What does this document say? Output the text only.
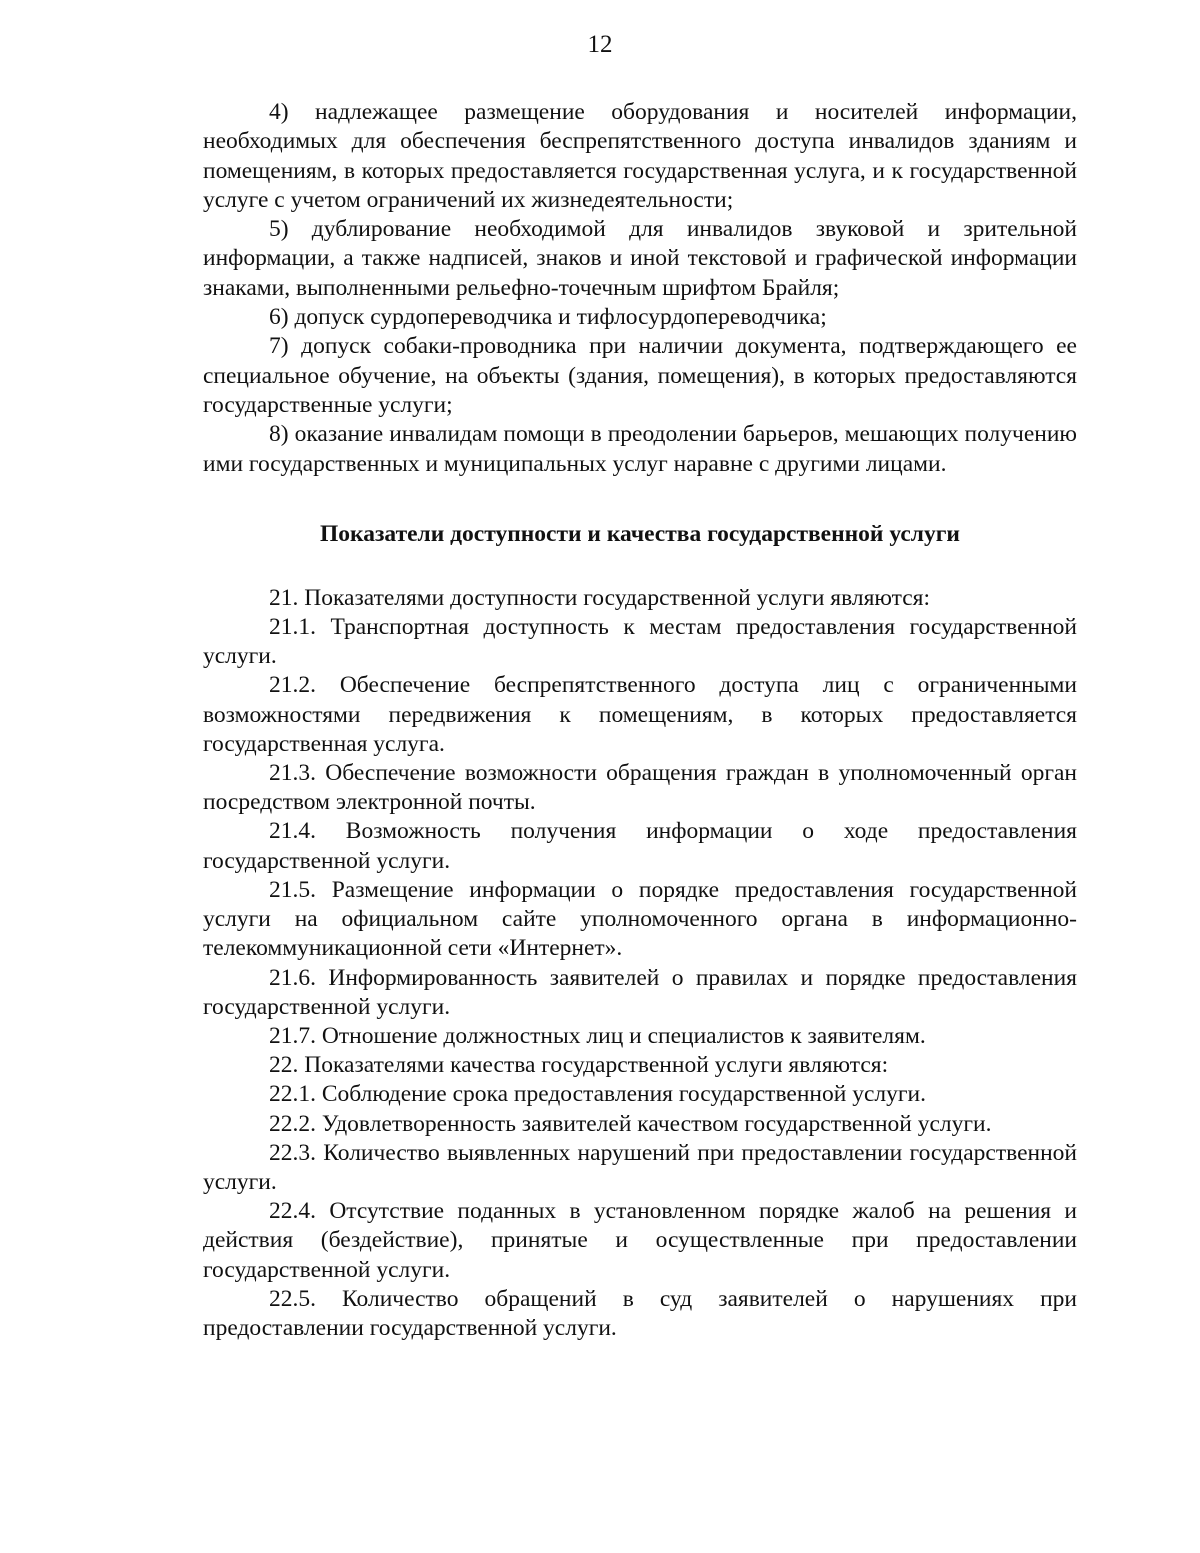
12

4) надлежащее размещение оборудования и носителей информации, необходимых для обеспечения беспрепятственного доступа инвалидов зданиям и помещениям, в которых предоставляется государственная услуга, и к государственной услуге с учетом ограничений их жизнедеятельности;

5) дублирование необходимой для инвалидов звуковой и зрительной информации, а также надписей, знаков и иной текстовой и графической информации знаками, выполненными рельефно-точечным шрифтом Брайля;

6) допуск сурдопереводчика и тифлосурдопереводчика;

7) допуск собаки-проводника при наличии документа, подтверждающего ее специальное обучение, на объекты (здания, помещения), в которых предоставляются государственные услуги;

8) оказание инвалидам помощи в преодолении барьеров, мешающих получению ими государственных и муниципальных услуг наравне с другими лицами.

Показатели доступности и качества государственной услуги

21. Показателями доступности государственной услуги являются:

21.1. Транспортная доступность к местам предоставления государственной услуги.

21.2. Обеспечение беспрепятственного доступа лиц с ограниченными возможностями передвижения к помещениям, в которых предоставляется государственная услуга.

21.3. Обеспечение возможности обращения граждан в уполномоченный орган посредством электронной почты.

21.4. Возможность получения информации о ходе предоставления государственной услуги.

21.5. Размещение информации о порядке предоставления государственной услуги на официальном сайте уполномоченного органа в информационно-телекоммуникационной сети «Интернет».

21.6. Информированность заявителей о правилах и порядке предоставления государственной услуги.

21.7. Отношение должностных лиц и специалистов к заявителям.

22. Показателями качества государственной услуги являются:

22.1. Соблюдение срока предоставления государственной услуги.

22.2. Удовлетворенность заявителей качеством государственной услуги.

22.3. Количество выявленных нарушений при предоставлении государственной услуги.

22.4. Отсутствие поданных в установленном порядке жалоб на решения и действия (бездействие), принятые и осуществленные при предоставлении государственной услуги.

22.5. Количество обращений в суд заявителей о нарушениях при предоставлении государственной услуги.
